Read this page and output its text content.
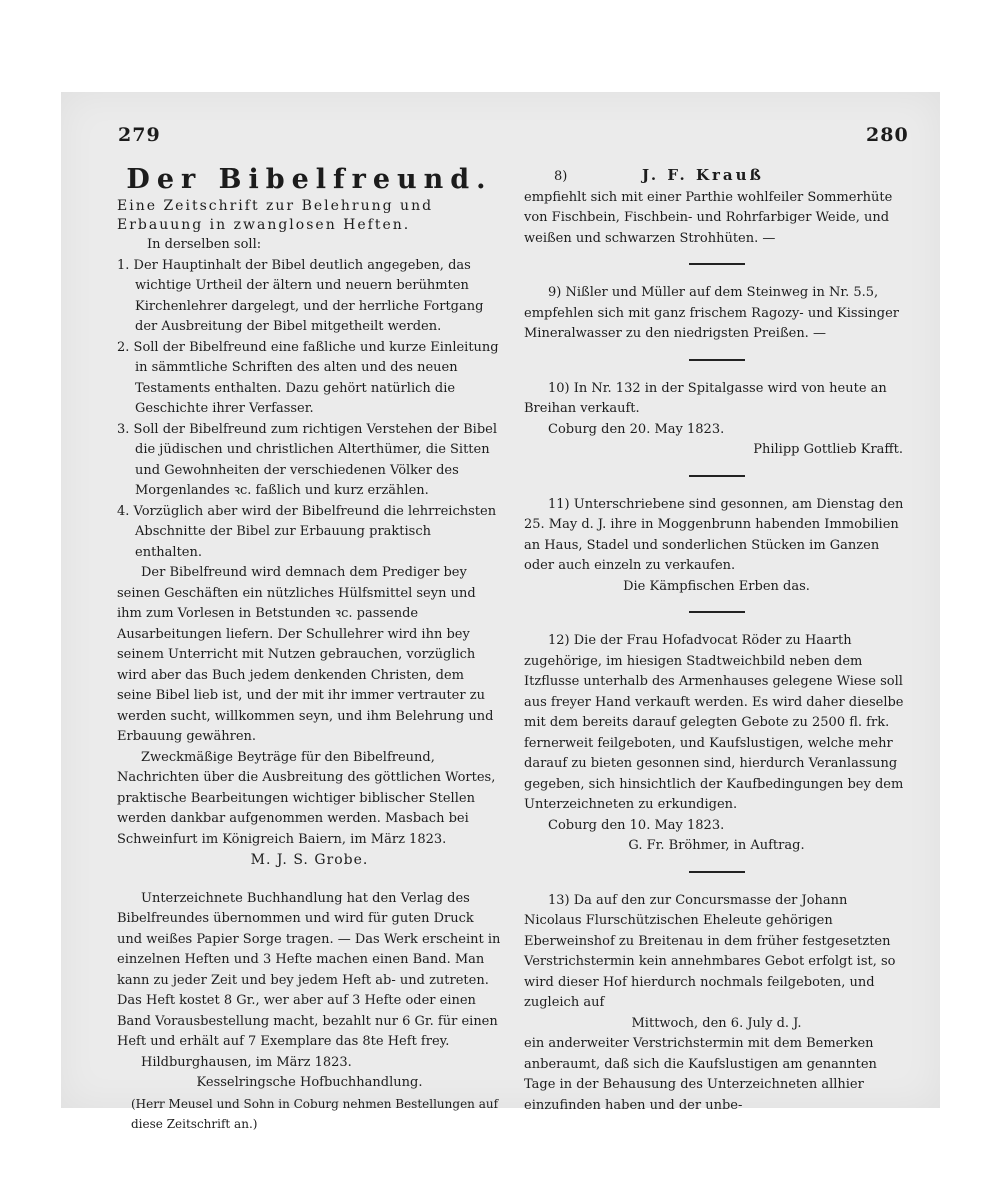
279	280

Der Bibelfreund.

Eine Zeitschrift zur Belehrung und

Erbauung in zwanglosen Heften.

In derselben soll:

1. Der Hauptinhalt der Bibel deutlich angegeben, das wichtige Urtheil der ältern und neuern berühmten Kirchenlehrer dargelegt, und der herrliche Fortgang der Ausbreitung der Bibel mitgetheilt werden.

2. Soll der Bibelfreund eine faßliche und kurze Einleitung in sämmtliche Schriften des alten und des neuen Testaments enthalten. Dazu gehört natürlich die Geschichte ihrer Verfasser.

3. Soll der Bibelfreund zum richtigen Verstehen der Bibel die jüdischen und christlichen Alterthümer, die Sitten und Gewohnheiten der verschiedenen Völker des Morgenlandes ꝛc. faßlich und kurz erzählen.

4. Vorzüglich aber wird der Bibelfreund die lehrreichsten Abschnitte der Bibel zur Erbauung praktisch enthalten.

Der Bibelfreund wird demnach dem Prediger bey seinen Geschäften ein nützliches Hülfsmittel seyn und ihm zum Vorlesen in Betstunden ꝛc. passende Ausarbeitungen liefern. Der Schullehrer wird ihn bey seinem Unterricht mit Nutzen gebrauchen, vorzüglich wird aber das Buch jedem denkenden Christen, dem seine Bibel lieb ist, und der mit ihr immer vertrauter zu werden sucht, willkommen seyn, und ihm Belehrung und Erbauung gewähren.

Zweckmäßige Beyträge für den Bibelfreund, Nachrichten über die Ausbreitung des göttlichen Wortes, praktische Bearbeitungen wichtiger biblischer Stellen werden dankbar aufgenommen werden. Masbach bei Schweinfurt im Königreich Baiern, im März 1823.

M. J. S. Grobe.

Unterzeichnete Buchhandlung hat den Verlag des Bibelfreundes übernommen und wird für guten Druck und weißes Papier Sorge tragen. — Das Werk erscheint in einzelnen Heften und 3 Hefte machen einen Band. Man kann zu jeder Zeit und bey jedem Heft ab- und zutreten. Das Heft kostet 8 Gr., wer aber auf 3 Hefte oder einen Band Vorausbestellung macht, bezahlt nur 6 Gr. für einen Heft und erhält auf 7 Exemplare das 8te Heft frey.

Hildburghausen, im März 1823.

Kesselringsche Hofbuchhandlung.

(Herr Meusel und Sohn in Coburg nehmen Bestellungen auf diese Zeitschrift an.)

8)	J. F. Krauß

empfiehlt sich mit einer Parthie wohlfeiler Sommerhüte von Fischbein, Fischbein- und Rohrfarbiger Weide, und weißen und schwarzen Strohhüten. —

9) Nißler und Müller auf dem Steinweg in Nr. 5.5, empfehlen sich mit ganz frischem Ragozy- und Kissinger Mineralwasser zu den niedrigsten Preißen. —

10) In Nr. 132 in der Spitalgasse wird von heute an Breihan verkauft.

Coburg den 20. May 1823.

Philipp Gottlieb Krafft.

11) Unterschriebene sind gesonnen, am Dienstag den 25. May d. J. ihre in Moggenbrunn habenden Immobilien an Haus, Stadel und sonderlichen Stücken im Ganzen oder auch einzeln zu verkaufen.

Die Kämpfischen Erben das.

12) Die der Frau Hofadvocat Röder zu Haarth zugehörige, im hiesigen Stadtweichbild neben dem Itzflusse unterhalb des Armenhauses gelegene Wiese soll aus freyer Hand verkauft werden. Es wird daher dieselbe mit dem bereits darauf gelegten Gebote zu 2500 fl. frk. fernerweit feilgeboten, und Kaufslustigen, welche mehr darauf zu bieten gesonnen sind, hierdurch Veranlassung gegeben, sich hinsichtlich der Kaufbedingungen bey dem Unterzeichneten zu erkundigen.

Coburg den 10. May 1823.

G. Fr. Bröhmer, in Auftrag.

13) Da auf den zur Concursmasse der Johann Nicolaus Flurschützischen Eheleute gehörigen Eberweinshof zu Breitenau in dem früher festgesetzten Verstrichstermin kein annehmbares Gebot erfolgt ist, so wird dieser Hof hierdurch nochmals feilgeboten, und zugleich auf

Mittwoch, den 6. July d. J.

ein anderweiter Verstrichstermin mit dem Bemerken anberaumt, daß sich die Kaufslustigen am genannten Tage in der Behausung des Unterzeichneten allhier einzufinden haben und der unbe-
